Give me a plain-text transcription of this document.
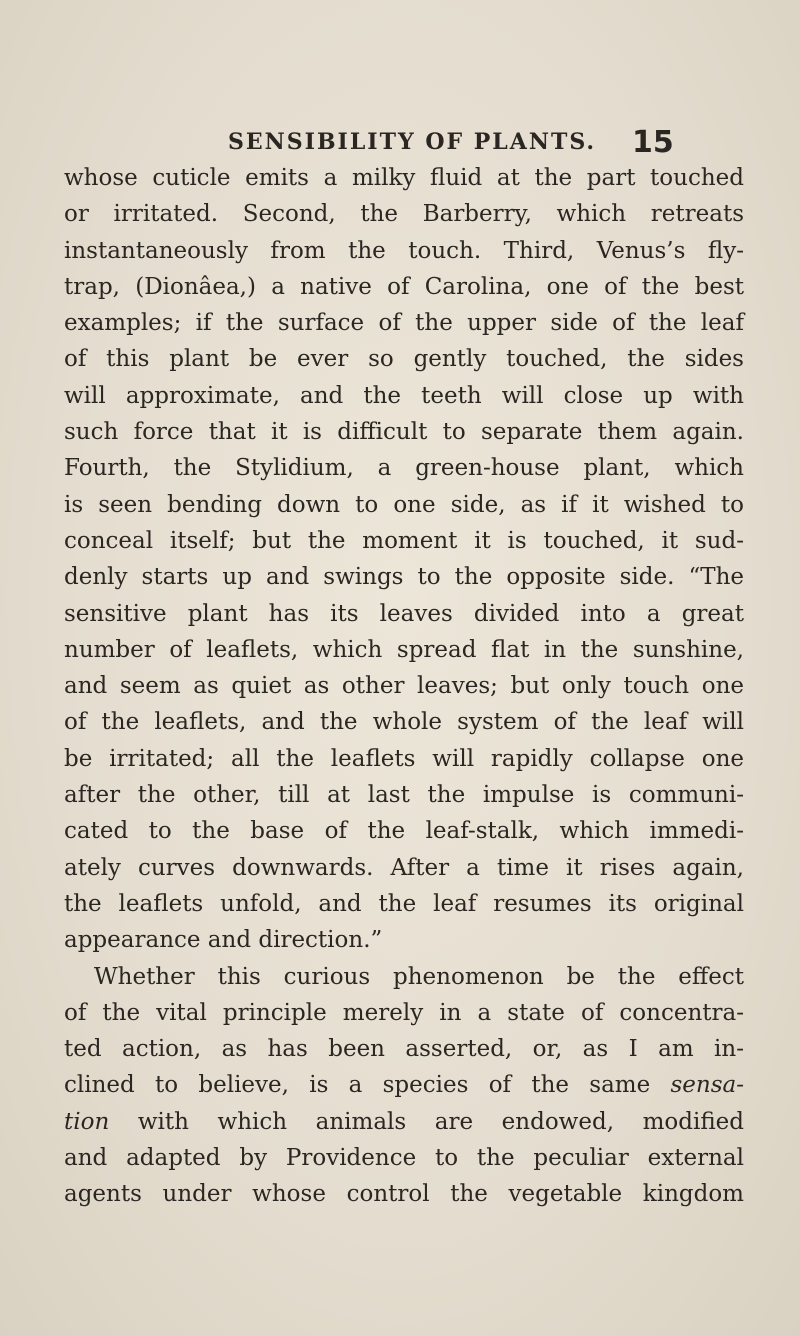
SENSIBILITY OF PLANTS. 15
whose cuticle emits a milky fluid at the part touched
or irritated. Second, the Barberry, which retreats
instantaneously from the touch. Third, Venus’s fly-
trap, (Dionâea,) a native of Carolina, one of the best
examples; if the surface of the upper side of the leaf
of this plant be ever so gently touched, the sides
will approximate, and the teeth will close up with
such force that it is difficult to separate them again.
Fourth, the Stylidium, a green-house plant, which
is seen bending down to one side, as if it wished to
conceal itself; but the moment it is touched, it sud-
denly starts up and swings to the opposite side. “The
sensitive plant has its leaves divided into a great
number of leaflets, which spread flat in the sunshine,
and seem as quiet as other leaves; but only touch one
of the leaflets, and the whole system of the leaf will
be irritated; all the leaflets will rapidly collapse one
after the other, till at last the impulse is communi-
cated to the base of the leaf-stalk, which immedi-
ately curves downwards. After a time it rises again,
the leaflets unfold, and the leaf resumes its original
appearance and direction.”
Whether this curious phenomenon be the effect
of the vital principle merely in a state of concentra-
ted action, as has been asserted, or, as I am in-
clined to believe, is a species of the same sensa-
tion with which animals are endowed, modified
and adapted by Providence to the peculiar external
agents under whose control the vegetable kingdom
